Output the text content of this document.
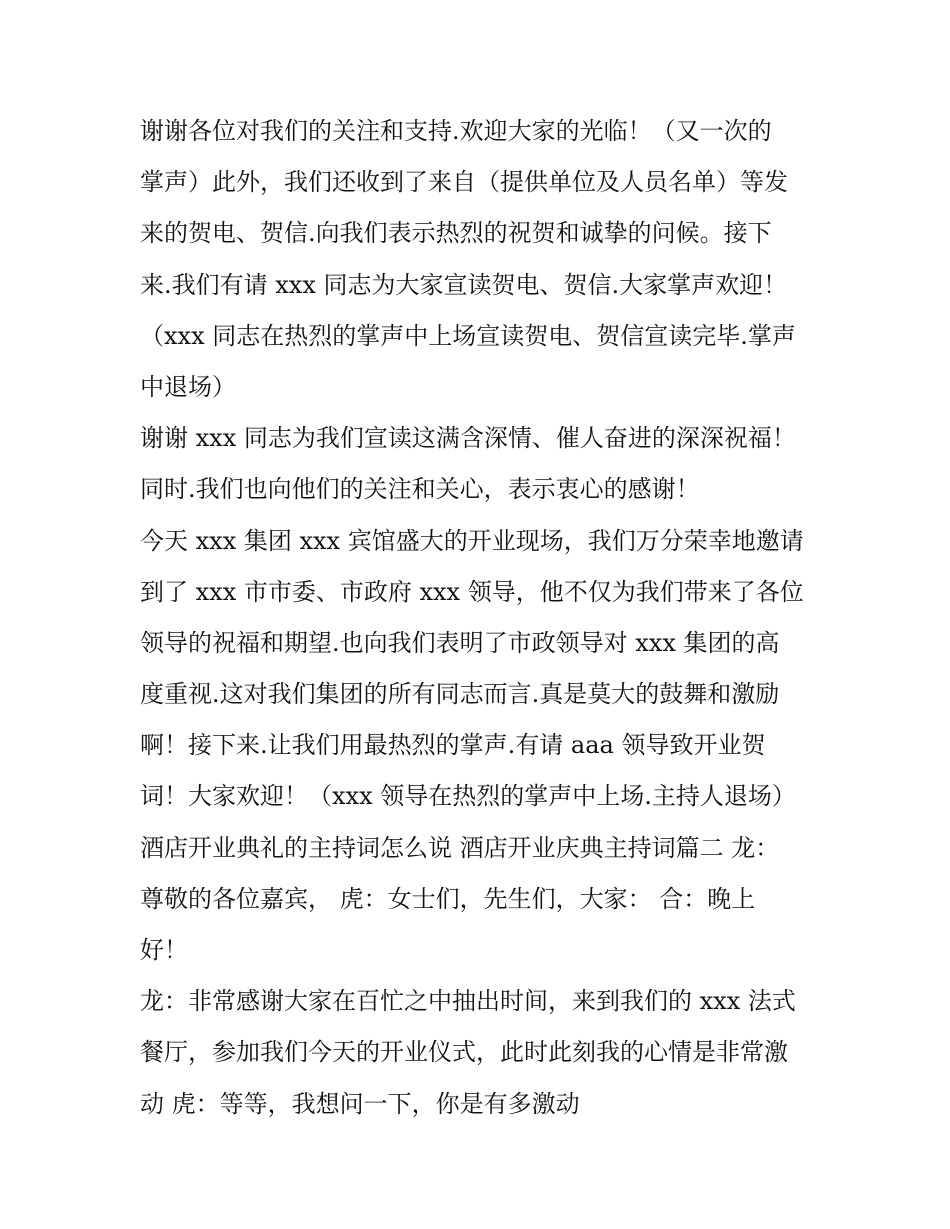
谢谢各位对我们的关注和支持.欢迎大家的光临！（又一次的
掌声）此外，我们还收到了来自（提供单位及人员名单）等发
来的贺电、贺信.向我们表示热烈的祝贺和诚挚的问候。接下
来.我们有请 xxx 同志为大家宣读贺电、贺信.大家掌声欢迎！
（xxx 同志在热烈的掌声中上场宣读贺电、贺信宣读完毕.掌声
中退场）
谢谢 xxx 同志为我们宣读这满含深情、催人奋进的深深祝福！
同时.我们也向他们的关注和关心，表示衷心的感谢！
今天 xxx 集团 xxx 宾馆盛大的开业现场，我们万分荣幸地邀请
到了 xxx 市市委、市政府 xxx 领导，他不仅为我们带来了各位
领导的祝福和期望.也向我们表明了市政领导对 xxx 集团的高
度重视.这对我们集团的所有同志而言.真是莫大的鼓舞和激励
啊！接下来.让我们用最热烈的掌声.有请 aaa 领导致开业贺
词！大家欢迎！（xxx 领导在热烈的掌声中上场.主持人退场）
酒店开业典礼的主持词怎么说 酒店开业庆典主持词篇二 龙：
尊敬的各位嘉宾， 虎：女士们，先生们，大家： 合：晚上
好！
龙：非常感谢大家在百忙之中抽出时间，来到我们的 xxx 法式
餐厅，参加我们今天的开业仪式，此时此刻我的心情是非常激
动 虎：等等，我想问一下，你是有多激动
